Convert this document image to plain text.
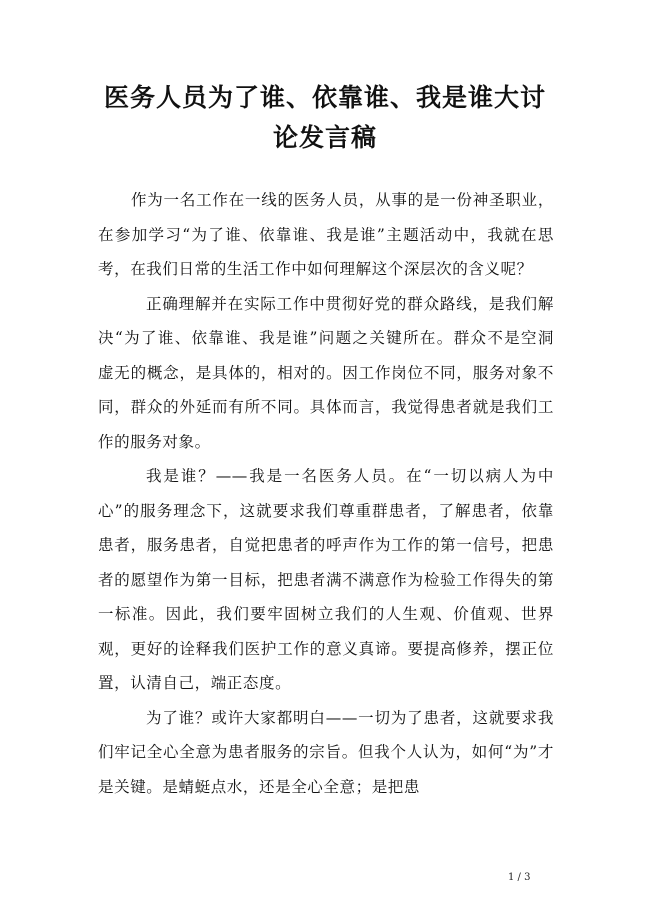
医务人员为了谁、依靠谁、我是谁大讨论发言稿

作为一名工作在一线的医务人员，从事的是一份神圣职业， 在参加学习“为了谁、依靠谁、我是谁”主题活动中，我就在思 考，在我们日常的生活工作中如何理解这个深层次的含义呢？

正确理解并在实际工作中贯彻好党的群众路线，是我们解 决“为了谁、依靠谁、我是谁”问题之关键所在。群众不是空洞 虚无的概念，是具体的，相对的。因工作岗位不同，服务对象不同，群众的外延而有所不同。具体而言，我觉得患者就是我们工作的服务对象。

我是谁？——我是一名医务人员。在“一切以病人为中心”的服务理念下，这就要求我们尊重群患者，了解患者，依靠患者，服务患者，自觉把患者的呼声作为工作的第一信号，把患者的愿望作为第一目标，把患者满不满意作为检验工作得失的第一标准。因此，我们要牢固树立我们的人生观、价值观、世界观，更好的诠释我们医护工作的意义真谛。要提高修养，摆正位置，认清自己，端正态度。

为了谁？或许大家都明白——一切为了患者，这就要求我们牢记全心全意为患者服务的宗旨。但我个人认为，如何“为”才 是关键。是蜻蜓点水，还是全心全意；是把患

1 / 3
